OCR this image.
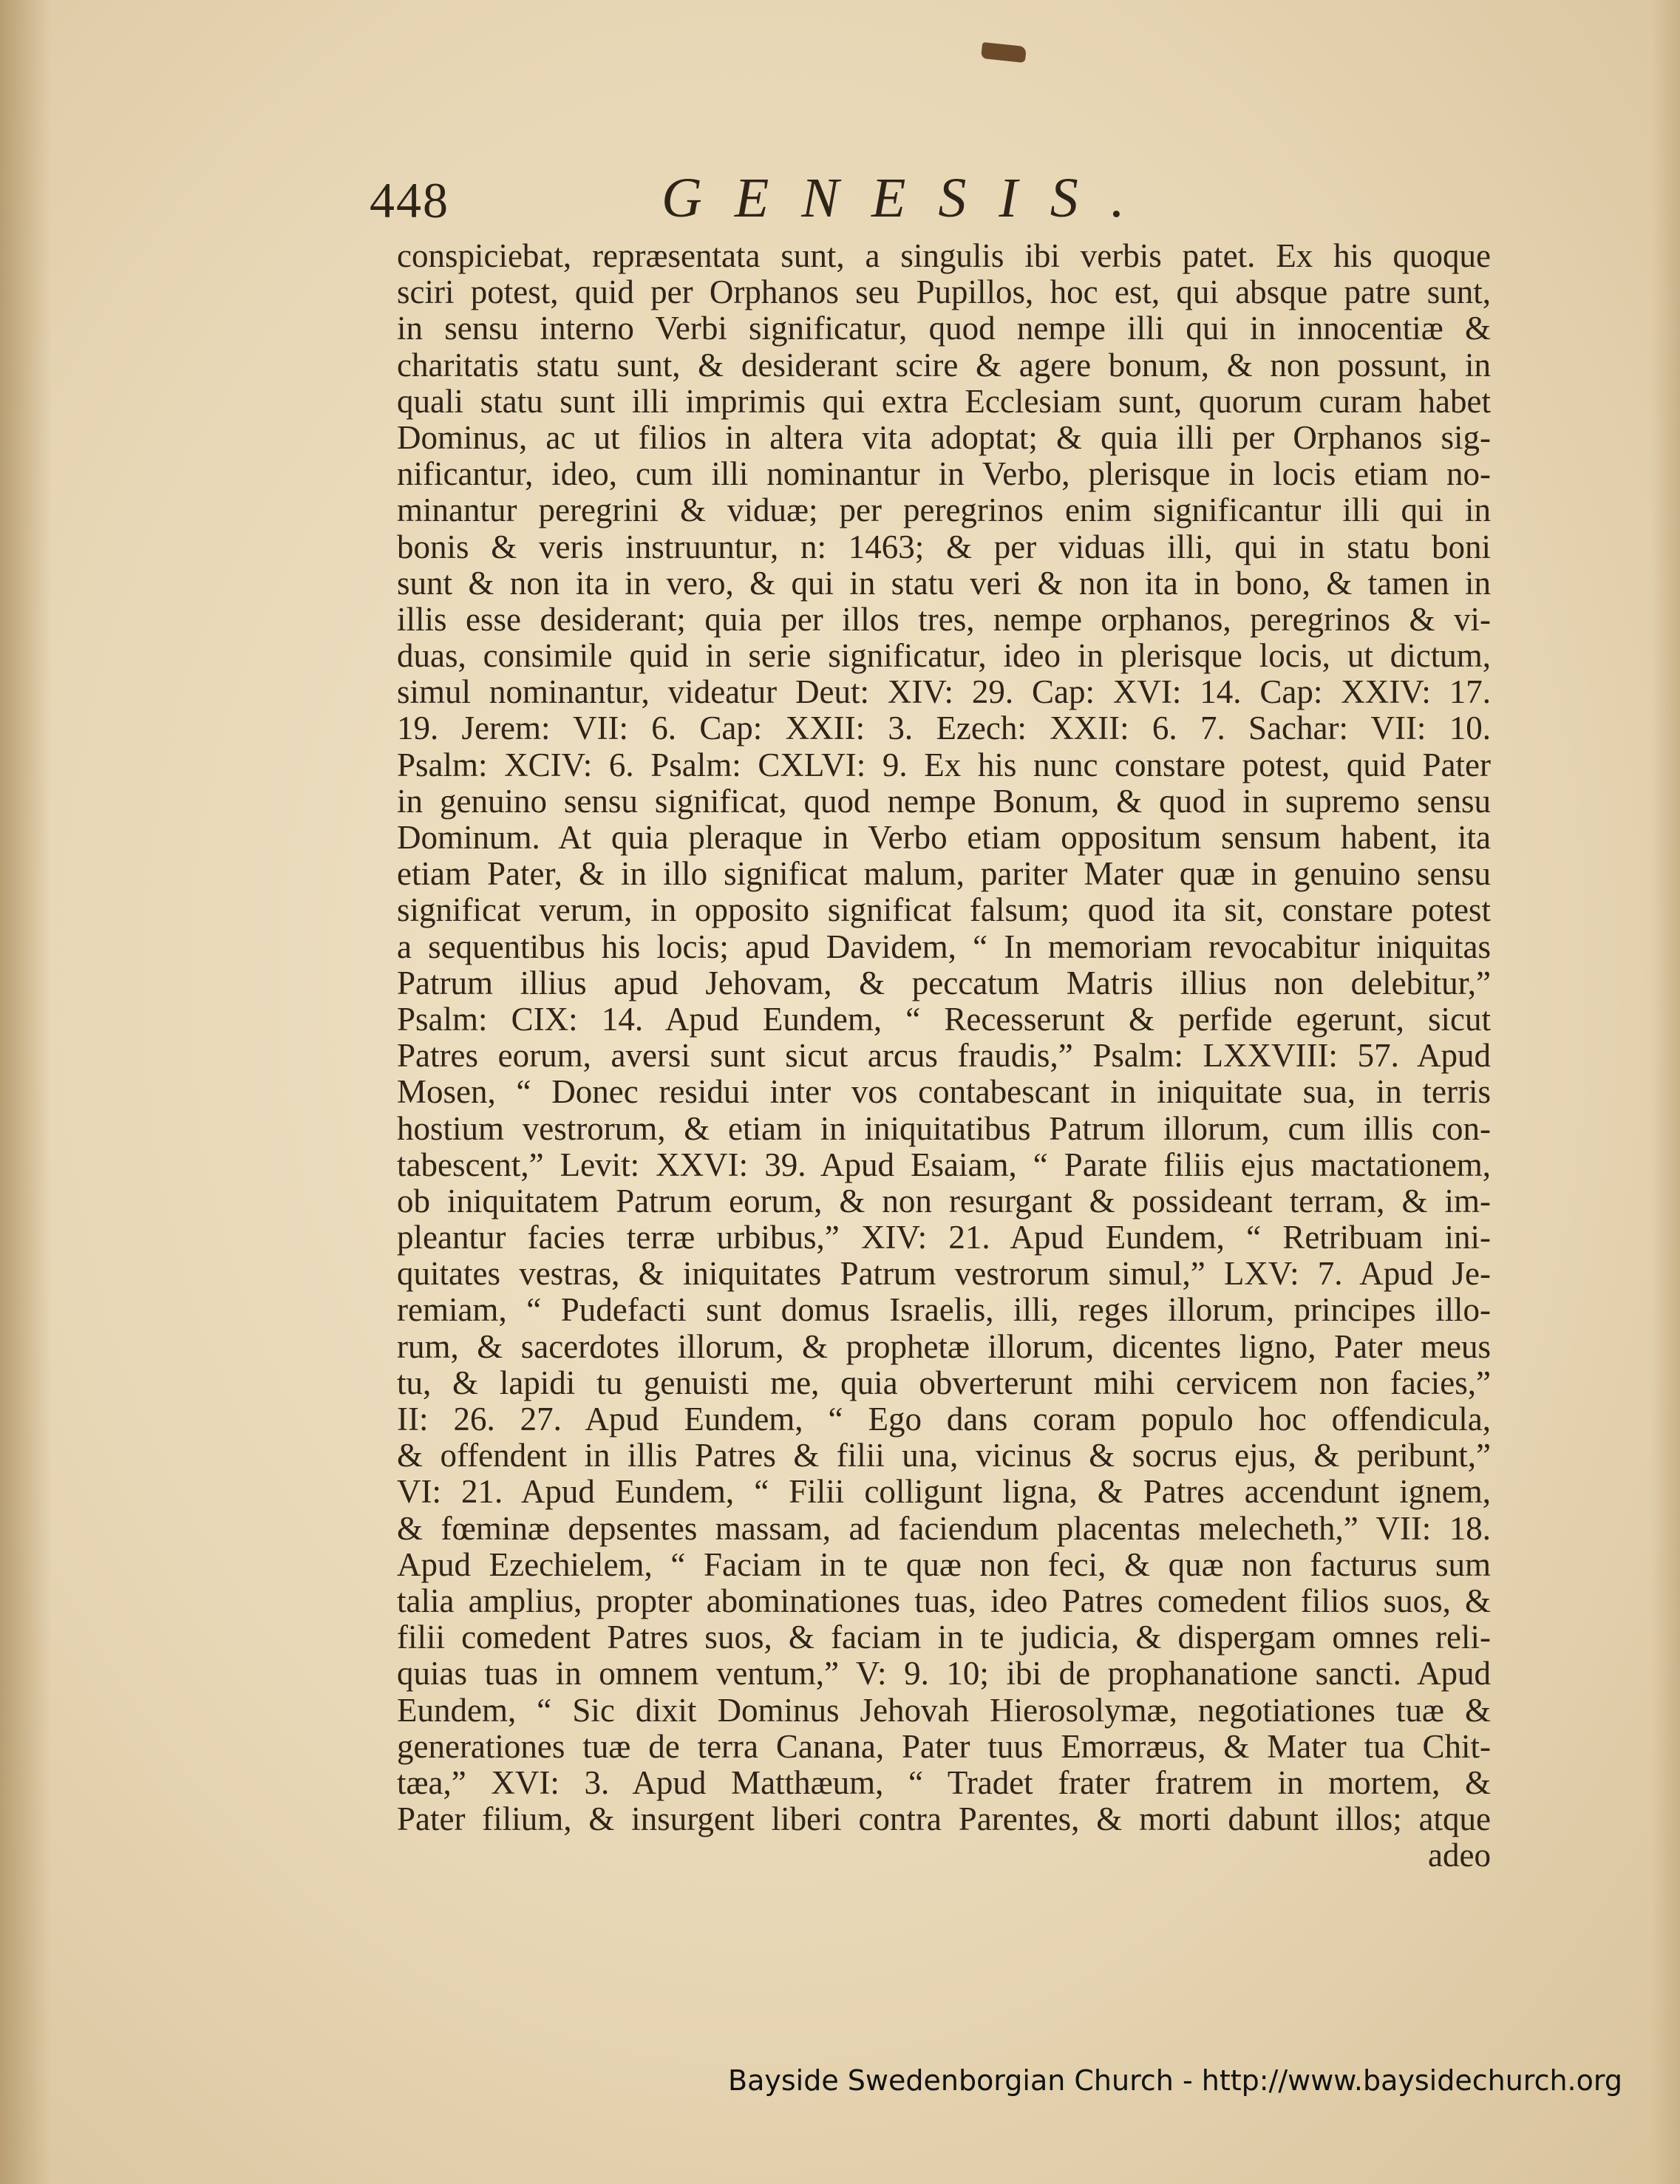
448	GENESIS.
conspiciebat, repræsentata sunt, a singulis ibi verbis patet. Ex his quoque
sciri potest, quid per Orphanos seu Pupillos, hoc est, qui absque patre sunt,
in sensu interno Verbi significatur, quod nempe illi qui in innocentiæ &
charitatis statu sunt, & desiderant scire & agere bonum, & non possunt, in
quali statu sunt illi imprimis qui extra Ecclesiam sunt, quorum curam habet
Dominus, ac ut filios in altera vita adoptat; & quia illi per Orphanos sig-
nificantur, ideo, cum illi nominantur in Verbo, plerisque in locis etiam no-
minantur peregrini & viduæ; per peregrinos enim significantur illi qui in
bonis & veris instruuntur, n: 1463; & per viduas illi, qui in statu boni
sunt & non ita in vero, & qui in statu veri & non ita in bono, & tamen in
illis esse desiderant; quia per illos tres, nempe orphanos, peregrinos & vi-
duas, consimile quid in serie significatur, ideo in plerisque locis, ut dictum,
simul nominantur, videatur Deut: XIV: 29. Cap: XVI: 14. Cap: XXIV: 17.
19. Jerem: VII: 6. Cap: XXII: 3. Ezech: XXII: 6. 7. Sachar: VII: 10.
Psalm: XCIV: 6. Psalm: CXLVI: 9. Ex his nunc constare potest, quid Pater
in genuino sensu significat, quod nempe Bonum, & quod in supremo sensu
Dominum. At quia pleraque in Verbo etiam oppositum sensum habent, ita
etiam Pater, & in illo significat malum, pariter Mater quæ in genuino sensu
significat verum, in opposito significat falsum; quod ita sit, constare potest
a sequentibus his locis; apud Davidem, “ In memoriam revocabitur iniquitas
Patrum illius apud Jehovam, & peccatum Matris illius non delebitur,”
Psalm: CIX: 14. Apud Eundem, “ Recesserunt & perfide egerunt, sicut
Patres eorum, aversi sunt sicut arcus fraudis,” Psalm: LXXVIII: 57. Apud
Mosen, “ Donec residui inter vos contabescant in iniquitate sua, in terris
hostium vestrorum, & etiam in iniquitatibus Patrum illorum, cum illis con-
tabescent,” Levit: XXVI: 39. Apud Esaiam, “ Parate filiis ejus mactationem,
ob iniquitatem Patrum eorum, & non resurgant & possideant terram, & im-
pleantur facies terræ urbibus,” XIV: 21. Apud Eundem, “ Retribuam ini-
quitates vestras, & iniquitates Patrum vestrorum simul,” LXV: 7. Apud Je-
remiam, “ Pudefacti sunt domus Israelis, illi, reges illorum, principes illo-
rum, & sacerdotes illorum, & prophetæ illorum, dicentes ligno, Pater meus
tu, & lapidi tu genuisti me, quia obverterunt mihi cervicem non facies,”
II: 26. 27. Apud Eundem, “ Ego dans coram populo hoc offendicula,
& offendent in illis Patres & filii una, vicinus & socrus ejus, & peribunt,”
VI: 21. Apud Eundem, “ Filii colligunt ligna, & Patres accendunt ignem,
& fœminæ depsentes massam, ad faciendum placentas melecheth,” VII: 18.
Apud Ezechielem, “ Faciam in te quæ non feci, & quæ non facturus sum
talia amplius, propter abominationes tuas, ideo Patres comedent filios suos, &
filii comedent Patres suos, & faciam in te judicia, & dispergam omnes reli-
quias tuas in omnem ventum,” V: 9. 10; ibi de prophanatione sancti. Apud
Eundem, “ Sic dixit Dominus Jehovah Hierosolymæ, negotiationes tuæ &
generationes tuæ de terra Canana, Pater tuus Emorræus, & Mater tua Chit-
tæa,” XVI: 3. Apud Matthæum, “ Tradet frater fratrem in mortem, &
Pater filium, & insurgent liberi contra Parentes, & morti dabunt illos; atque
adeo
Bayside Swedenborgian Church - http://www.baysidechurch.org
